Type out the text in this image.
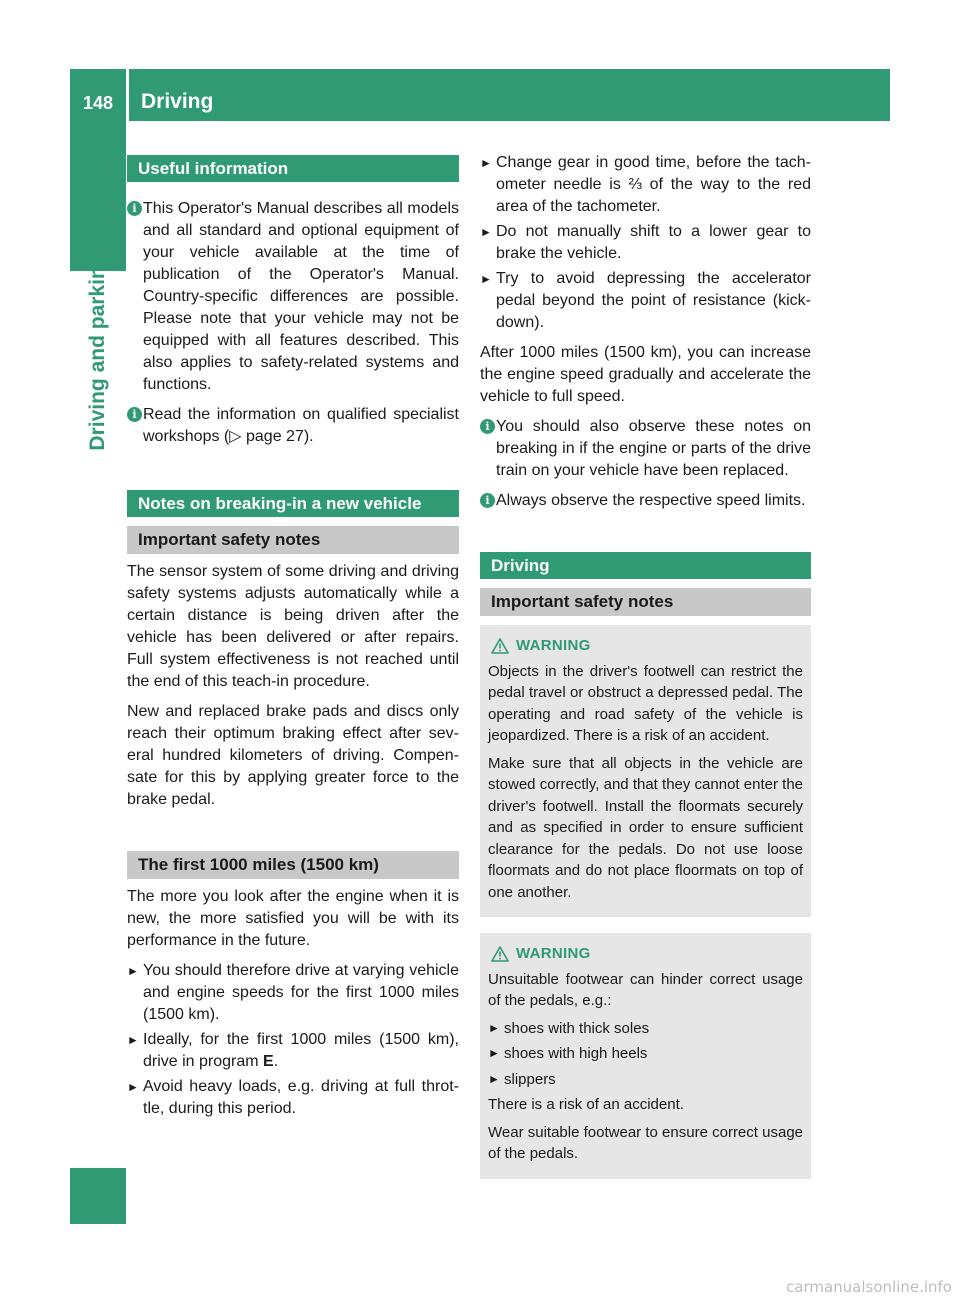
148	Driving
Driving and parking
Useful information
i This Operator's Manual describes all models and all standard and optional equipment of your vehicle available at the time of publication of the Operator's Manual. Country-specific differences are possible. Please note that your vehicle may not be equipped with all features described. This also applies to safety-related systems and functions.
i Read the information on qualified specialist workshops (▷ page 27).
Notes on breaking-in a new vehicle
Important safety notes

The sensor system of some driving and driving safety systems adjusts automatically while a certain distance is being driven after the vehicle has been delivered or after repairs. Full system effectiveness is not reached until the end of this teach-in procedure.

New and replaced brake pads and discs only reach their optimum braking effect after several hundred kilometers of driving. Compensate for this by applying greater force to the brake pedal.

The first 1000 miles (1500 km)

The more you look after the engine when it is new, the more satisfied you will be with its performance in the future.

► You should therefore drive at varying vehicle and engine speeds for the first 1000 miles (1500 km).
► Ideally, for the first 1000 miles (1500 km), drive in program E.
► Avoid heavy loads, e.g. driving at full throttle, during this period.
► Change gear in good time, before the tachometer needle is ⅔ of the way to the red area of the tachometer.
► Do not manually shift to a lower gear to brake the vehicle.
► Try to avoid depressing the accelerator pedal beyond the point of resistance (kickdown).

After 1000 miles (1500 km), you can increase the engine speed gradually and accelerate the vehicle to full speed.

i You should also observe these notes on breaking in if the engine or parts of the drive train on your vehicle have been replaced.
i Always observe the respective speed limits.
Driving
Important safety notes
WARNING

Objects in the driver's footwell can restrict the pedal travel or obstruct a depressed pedal. The operating and road safety of the vehicle is jeopardized. There is a risk of an accident.

Make sure that all objects in the vehicle are stowed correctly, and that they cannot enter the driver's footwell. Install the floormats securely and as specified in order to ensure sufficient clearance for the pedals. Do not use loose floormats and do not place floormats on top of one another.

WARNING

Unsuitable footwear can hinder correct usage of the pedals, e.g.:

► shoes with thick soles
► shoes with high heels
► slippers

There is a risk of an accident.

Wear suitable footwear to ensure correct usage of the pedals.

carmanualsonline.info
